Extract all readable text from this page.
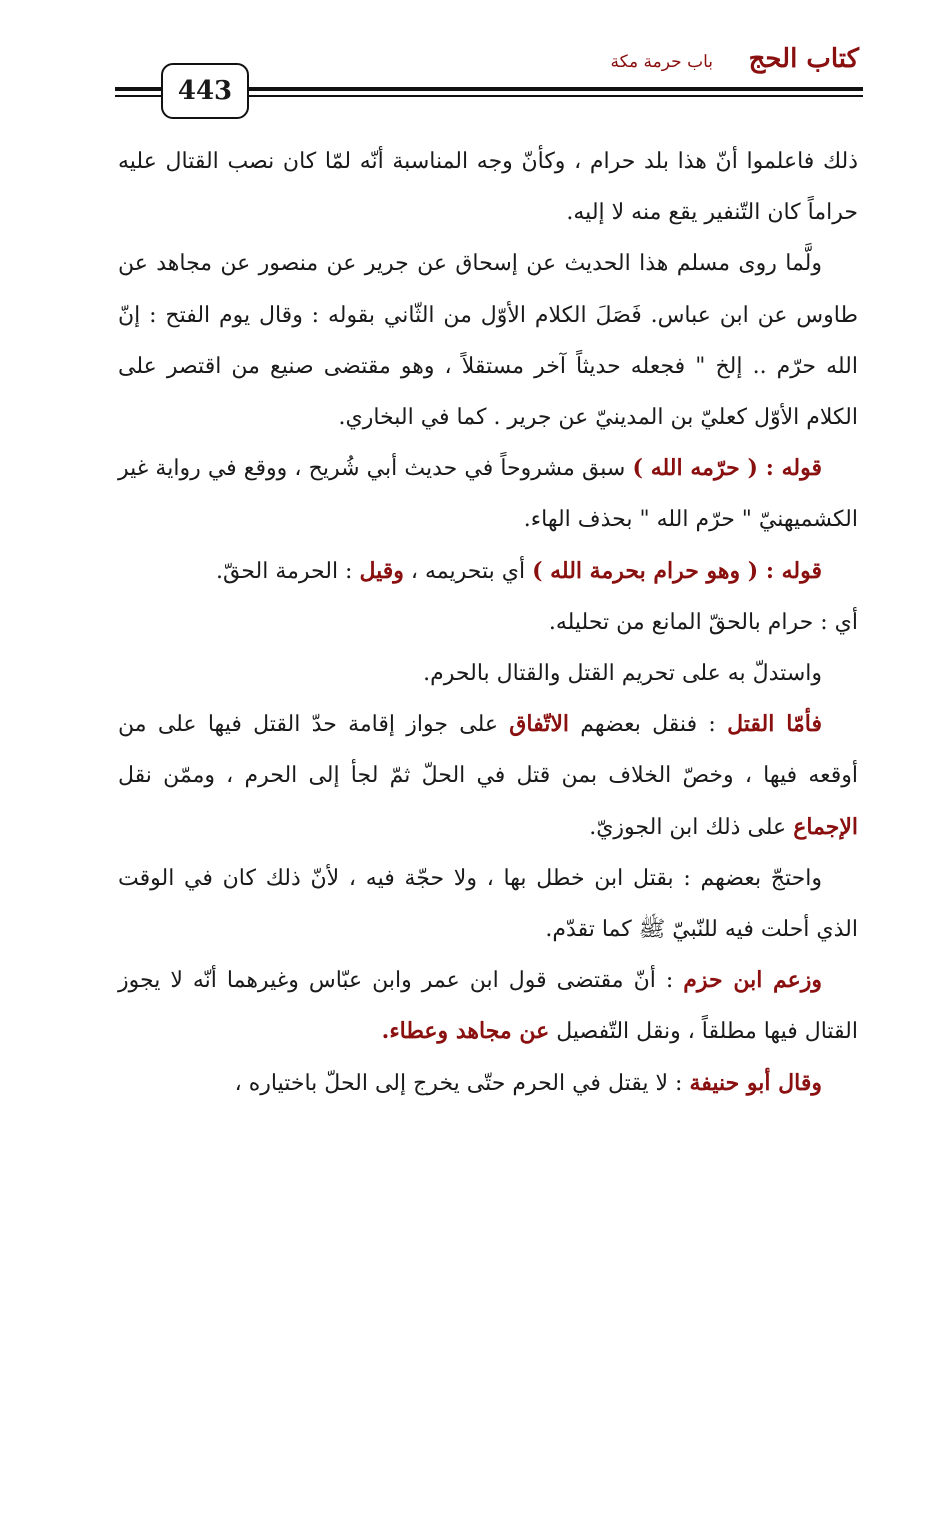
كتاب الحج
باب حرمة مكة
443

ذلك فاعلموا أنّ هذا بلد حرام ، وكأنّ وجه المناسبة أنّه لمّا كان نصب القتال عليه حراماً كان التّنفير يقع منه لا إليه.

ولَّما روى مسلم هذا الحديث عن إسحاق عن جرير عن منصور عن مجاهد عن طاوس عن ابن عباس. فَصَلَ الكلام الأوّل من الثّاني بقوله : وقال يوم الفتح : إنّ الله حرّم .. إلخ " فجعله حديثاً آخر مستقلاً ، وهو مقتضى صنيع من اقتصر على الكلام الأوّل كعليّ بن المدينيّ عن جرير . كما في البخاري.

قوله : ( حرّمه الله ) سبق مشروحاً في حديث أبي شُريح ، ووقع في رواية غير الكشميهنيّ " حرّم الله " بحذف الهاء.

قوله : ( وهو حرام بحرمة الله ) أي بتحريمه ، وقيل : الحرمة الحقّ.

أي : حرام بالحقّ المانع من تحليله.

واستدلّ به على تحريم القتل والقتال بالحرم.

فأمّا القتل : فنقل بعضهم الاتّفاق على جواز إقامة حدّ القتل فيها على من أوقعه فيها ، وخصّ الخلاف بمن قتل في الحلّ ثمّ لجأ إلى الحرم ، وممّن نقل الإجماع على ذلك ابن الجوزيّ.

واحتجّ بعضهم : بقتل ابن خطل بها ، ولا حجّة فيه ، لأنّ ذلك كان في الوقت الذي أحلت فيه للنّبيّ ﷺ كما تقدّم.

وزعم ابن حزم : أنّ مقتضى قول ابن عمر وابن عبّاس وغيرهما أنّه لا يجوز القتال فيها مطلقاً ، ونقل التّفصيل عن مجاهد وعطاء.

وقال أبو حنيفة : لا يقتل في الحرم حتّى يخرج إلى الحلّ باختياره ،
